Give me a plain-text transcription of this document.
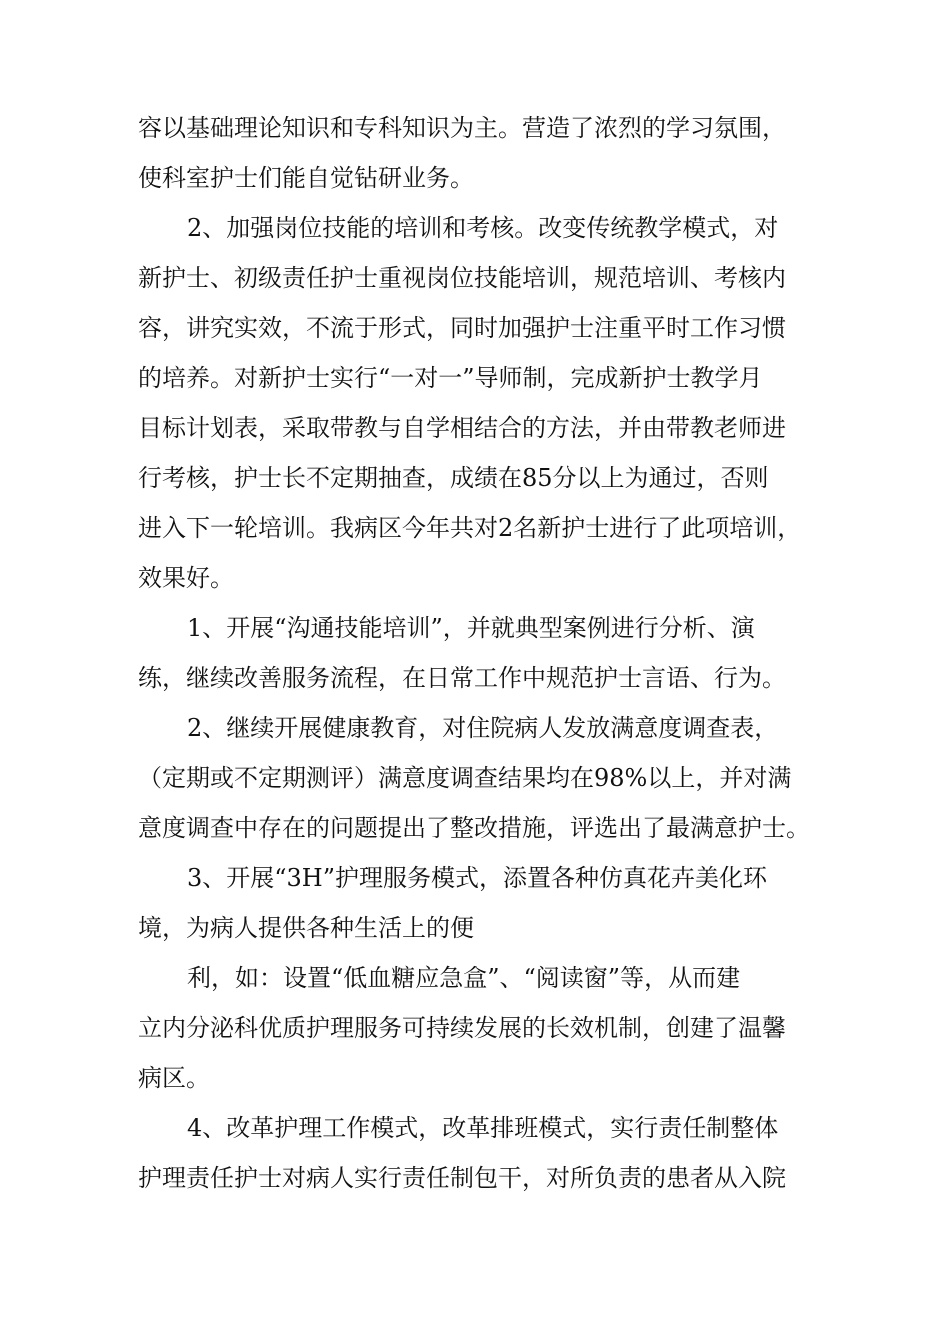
容以基础理论知识和专科知识为主。营造了浓烈的学习氛围，
使科室护士们能自觉钻研业务。
2、加强岗位技能的培训和考核。改变传统教学模式，对
新护士、初级责任护士重视岗位技能培训，规范培训、考核内
容，讲究实效，不流于形式，同时加强护士注重平时工作习惯
的培养。对新护士实行“一对一”导师制，完成新护士教学月
目标计划表，采取带教与自学相结合的方法，并由带教老师进
行考核，护士长不定期抽查，成绩在85分以上为通过，否则
进入下一轮培训。我病区今年共对2名新护士进行了此项培训，
效果好。
1、开展“沟通技能培训”，并就典型案例进行分析、演
练，继续改善服务流程，在日常工作中规范护士言语、行为。
2、继续开展健康教育，对住院病人发放满意度调查表，
（定期或不定期测评）满意度调查结果均在98%以上，并对满
意度调查中存在的问题提出了整改措施，评选出了最满意护士。
3、开展“3H”护理服务模式，添置各种仿真花卉美化环
境，为病人提供各种生活上的便
利，如：设置“低血糖应急盒”、“阅读窗”等，从而建
立内分泌科优质护理服务可持续发展的长效机制，创建了温馨
病区。
4、改革护理工作模式，改革排班模式，实行责任制整体
护理责任护士对病人实行责任制包干，对所负责的患者从入院
